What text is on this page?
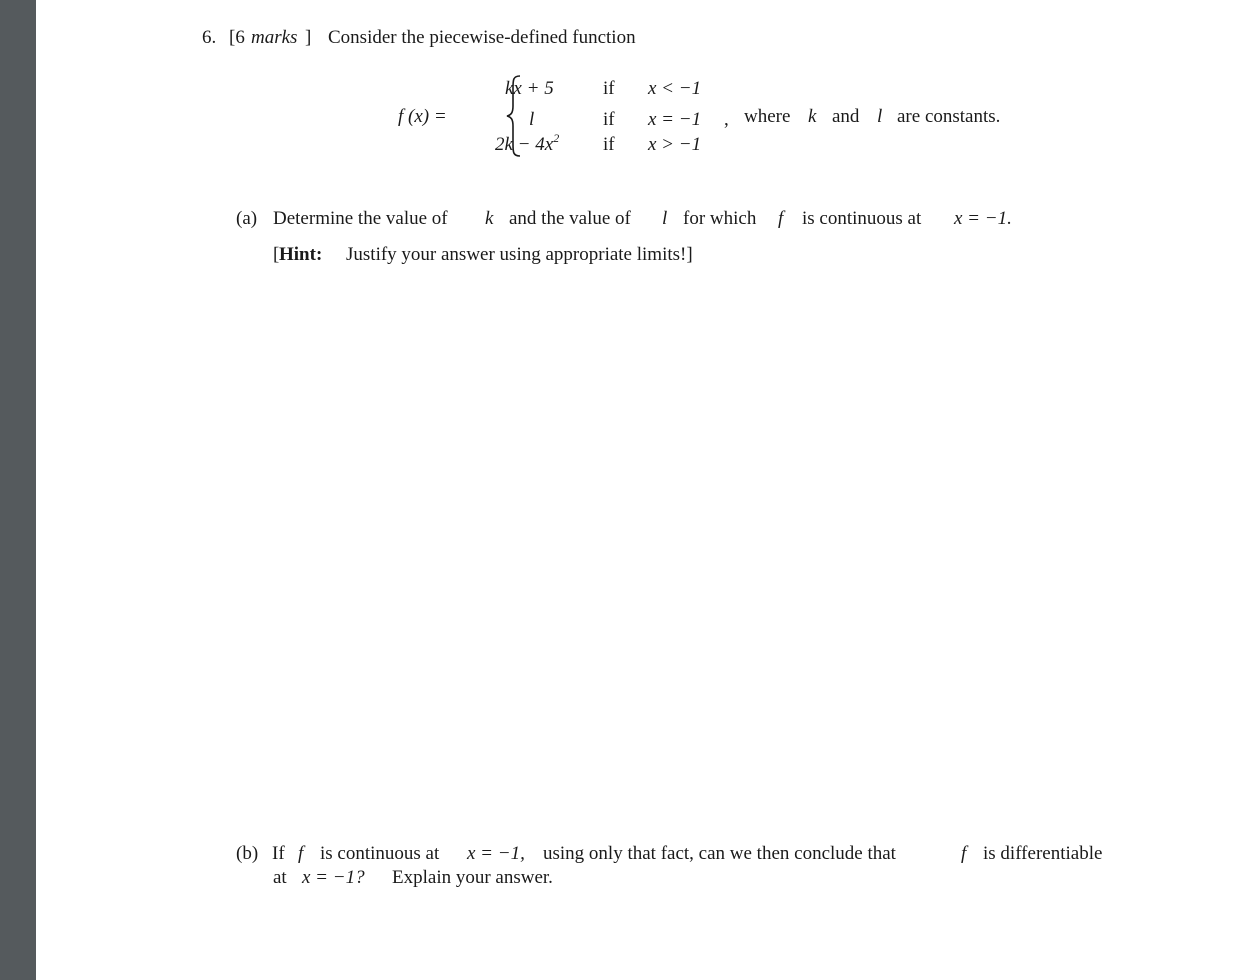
6. [6 marks ] Consider the piecewise-defined function
f (x) =
kx + 5	if x < −1
l	if x = −1
$2k - 4x^2$ if x > −1
, where k and l are constants.
(a) Determine the value of k and the value of l for which f is continuous at x = −1.
[ Hint: Justify your answer using appropriate limits!]
(b) If f is continuous at x = −1, using only that fact, can we then conclude that	f is differentiable
at x = −1? Explain your answer.
